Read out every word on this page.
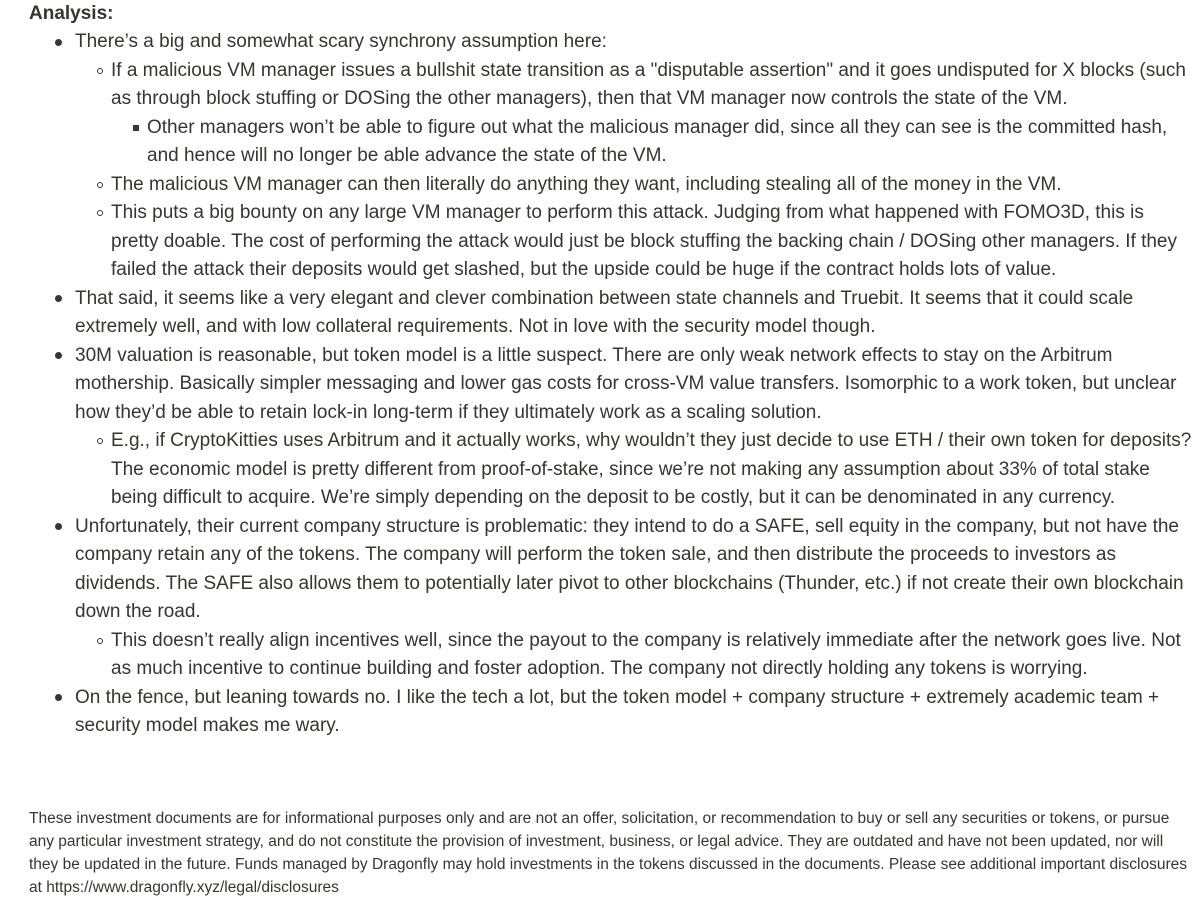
Analysis:

There’s a big and somewhat scary synchrony assumption here:
If a malicious VM manager issues a bullshit state transition as a "disputable assertion" and it goes undisputed for X blocks (such as through block stuffing or DOSing the other managers), then that VM manager now controls the state of the VM.
Other managers won’t be able to figure out what the malicious manager did, since all they can see is the committed hash, and hence will no longer be able advance the state of the VM.
The malicious VM manager can then literally do anything they want, including stealing all of the money in the VM.
This puts a big bounty on any large VM manager to perform this attack. Judging from what happened with FOMO3D, this is pretty doable. The cost of performing the attack would just be block stuffing the backing chain / DOSing other managers. If they failed the attack their deposits would get slashed, but the upside could be huge if the contract holds lots of value.
That said, it seems like a very elegant and clever combination between state channels and Truebit. It seems that it could scale extremely well, and with low collateral requirements. Not in love with the security model though.
30M valuation is reasonable, but token model is a little suspect. There are only weak network effects to stay on the Arbitrum mothership. Basically simpler messaging and lower gas costs for cross-VM value transfers. Isomorphic to a work token, but unclear how they’d be able to retain lock-in long-term if they ultimately work as a scaling solution.
E.g., if CryptoKitties uses Arbitrum and it actually works, why wouldn’t they just decide to use ETH / their own token for deposits? The economic model is pretty different from proof-of-stake, since we’re not making any assumption about 33% of total stake being difficult to acquire. We’re simply depending on the deposit to be costly, but it can be denominated in any currency.
Unfortunately, their current company structure is problematic: they intend to do a SAFE, sell equity in the company, but not have the company retain any of the tokens. The company will perform the token sale, and then distribute the proceeds to investors as dividends. The SAFE also allows them to potentially later pivot to other blockchains (Thunder, etc.) if not create their own blockchain down the road.
This doesn’t really align incentives well, since the payout to the company is relatively immediate after the network goes live. Not as much incentive to continue building and foster adoption. The company not directly holding any tokens is worrying.
On the fence, but leaning towards no. I like the tech a lot, but the token model + company structure + extremely academic team + security model makes me wary.

These investment documents are for informational purposes only and are not an offer, solicitation, or recommendation to buy or sell any securities or tokens, or pursue any particular investment strategy, and do not constitute the provision of investment, business, or legal advice. They are outdated and have not been updated, nor will they be updated in the future. Funds managed by Dragonfly may hold investments in the tokens discussed in the documents. Please see additional important disclosures at https://www.dragonfly.xyz/legal/disclosures
